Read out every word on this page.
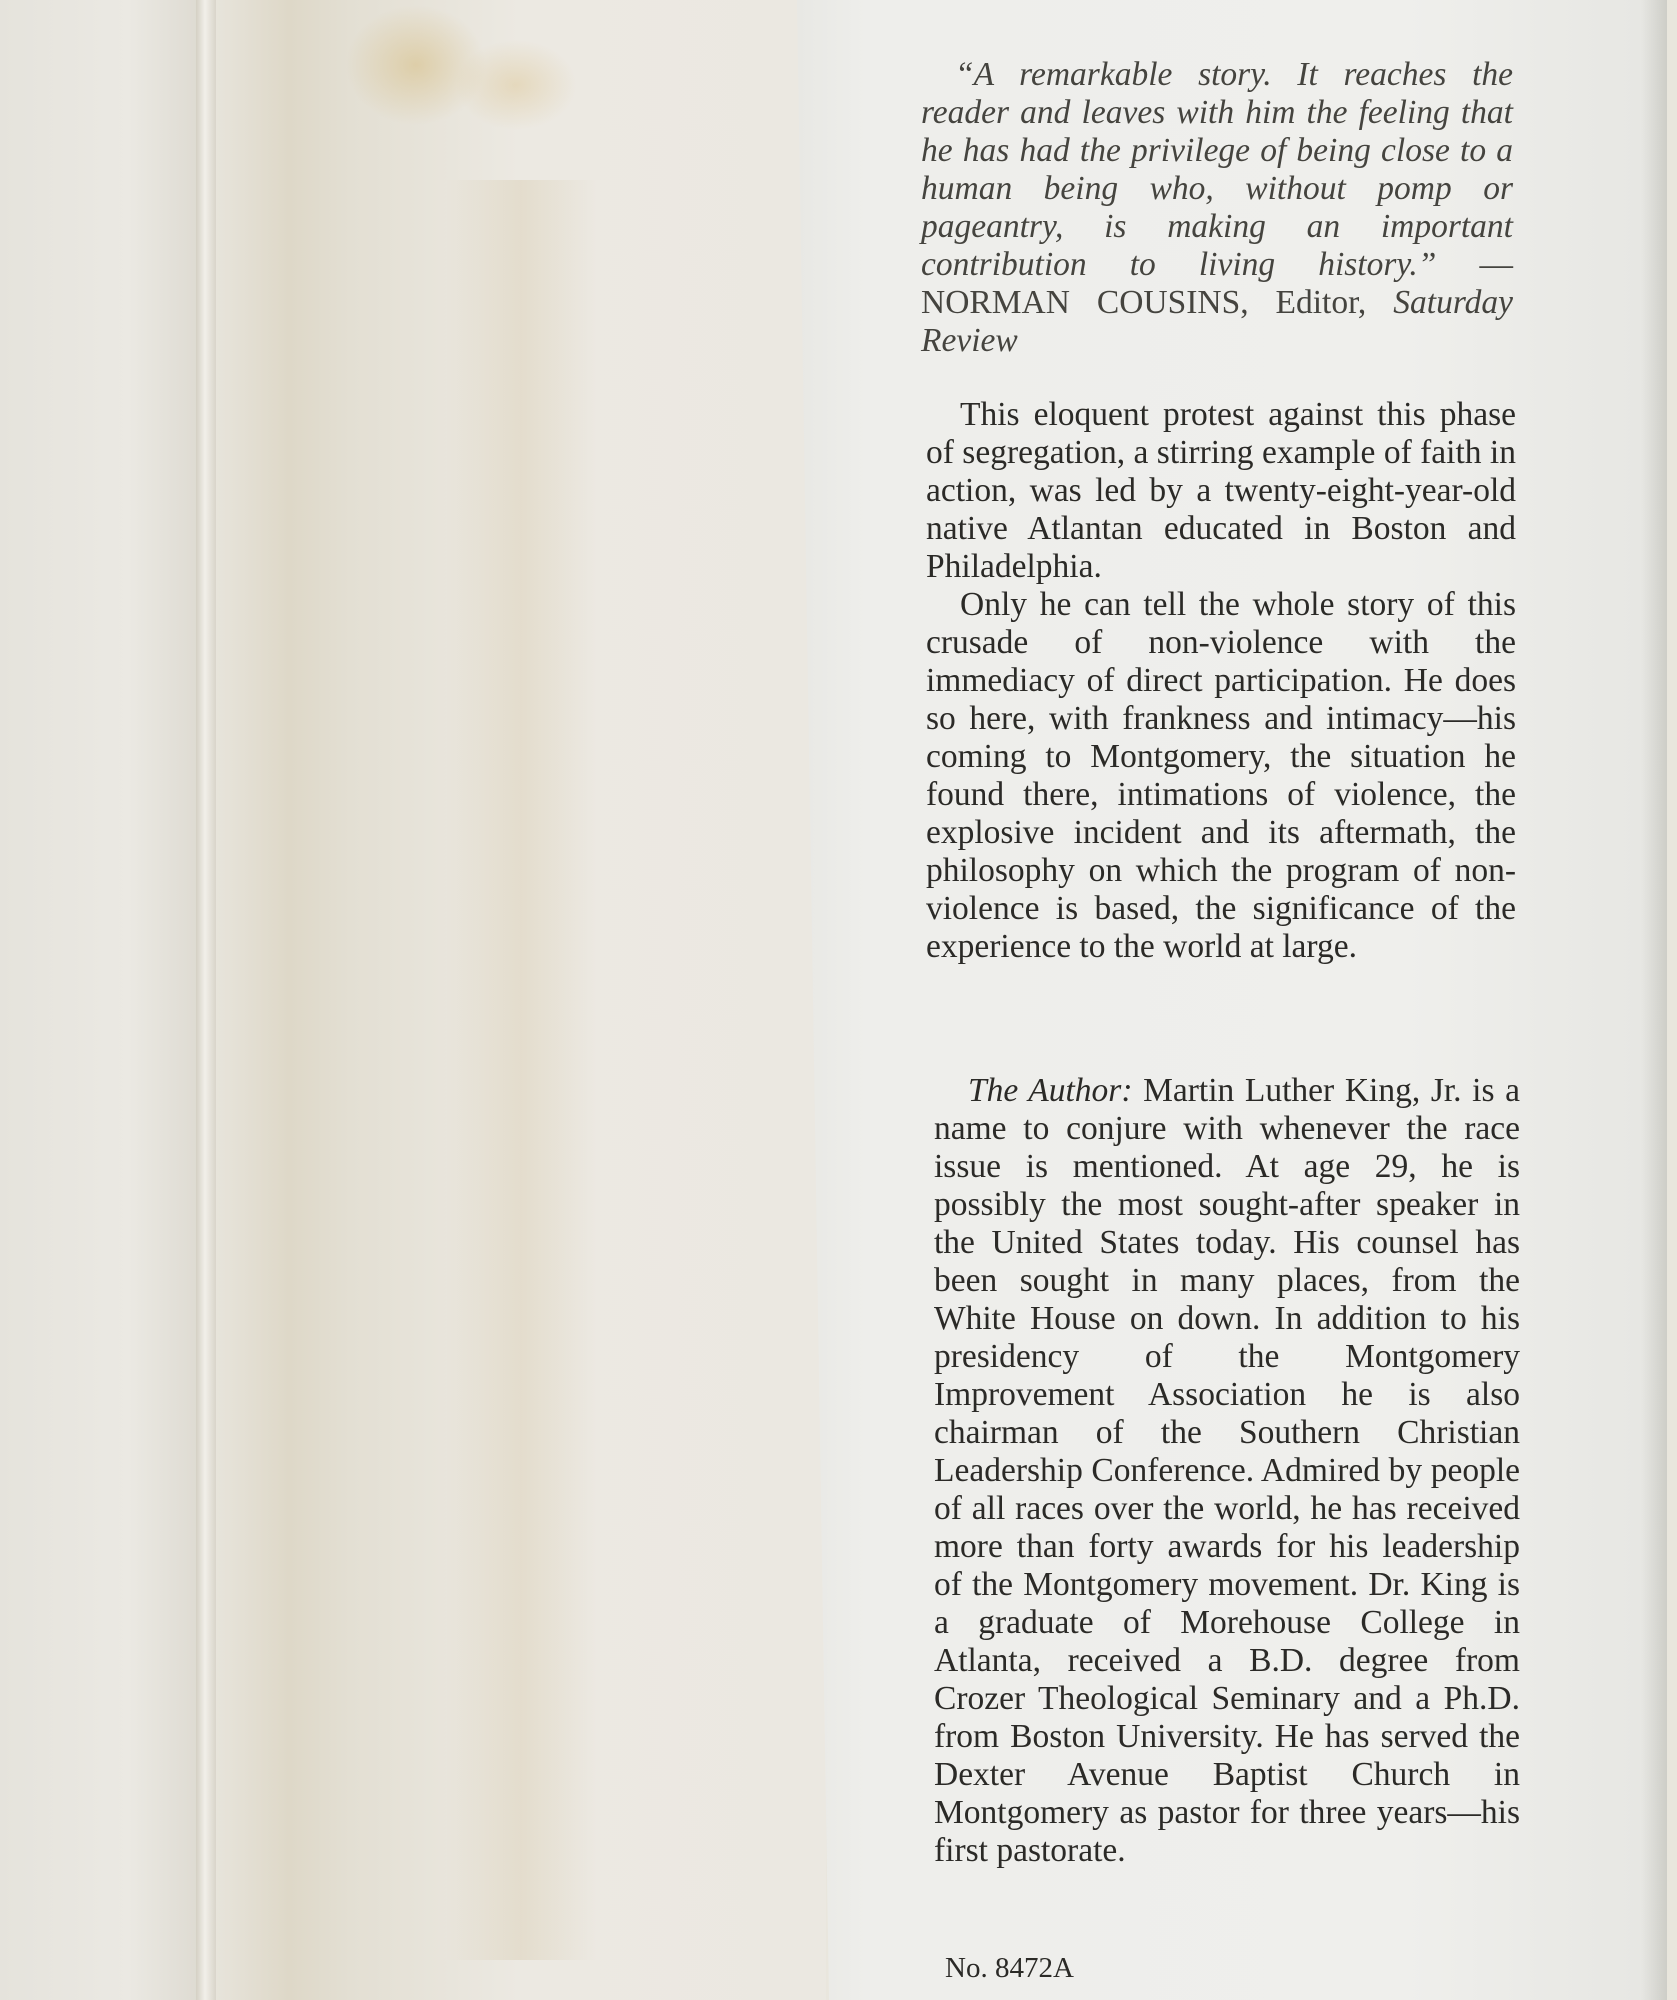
“A remarkable story. It reaches the reader and leaves with him the feeling that he has had the privilege of being close to a human being who, without pomp or pageantry, is making an important contribution to living history.” —NORMAN COUSINS, Editor, Saturday Review

This eloquent protest against this phase of segregation, a stirring example of faith in action, was led by a twenty-eight-year-old native Atlantan educated in Boston and Philadelphia.

Only he can tell the whole story of this crusade of non-violence with the immediacy of direct participation. He does so here, with frankness and intimacy—his coming to Montgomery, the situation he found there, intimations of violence, the explosive incident and its aftermath, the philosophy on which the program of non-violence is based, the significance of the experience to the world at large.

The Author: Martin Luther King, Jr. is a name to conjure with whenever the race issue is mentioned. At age 29, he is possibly the most sought-after speaker in the United States today. His counsel has been sought in many places, from the White House on down. In addition to his presidency of the Montgomery Improvement Association he is also chairman of the Southern Christian Leadership Conference. Admired by people of all races over the world, he has received more than forty awards for his leadership of the Montgomery movement. Dr. King is a graduate of Morehouse College in Atlanta, received a B.D. degree from Crozer Theological Seminary and a Ph.D. from Boston University. He has served the Dexter Avenue Baptist Church in Montgomery as pastor for three years—his first pastorate.

No. 8472A
